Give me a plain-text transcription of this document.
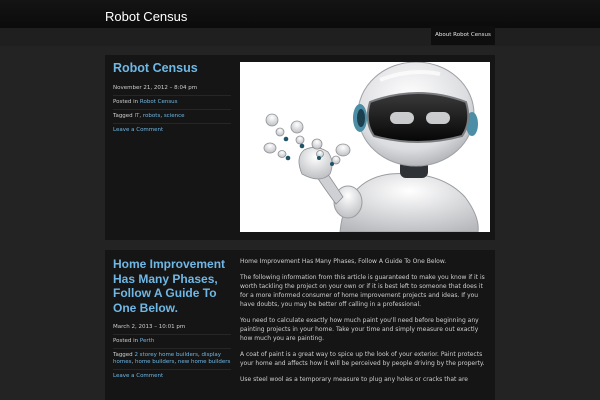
Robot Census
About Robot Census
Robot Census
November 21, 2012 – 8:04 pm
Posted in Robot Census
Tagged IT, robots, science
Leave a Comment
Home Improvement Has Many Phases, Follow A Guide To One Below.
March 2, 2013 – 10:01 pm
Posted in Perth
Tagged 2 storey home builders, display homes, home builders, new home builders
Leave a Comment

Home Improvement Has Many Phases, Follow A Guide To One Below.

The following information from this article is guaranteed to make you know if it is worth tackling the project on your own or if it is best left to someone that does it for a more informed consumer of home improvement projects and ideas. If you have doubts, you may be better off calling in a professional.

You need to calculate exactly how much paint you'll need before beginning any painting projects in your home. Take your time and simply measure out exactly how much you are painting.

A coat of paint is a great way to spice up the look of your exterior. Paint protects your home and affects how it will be perceived by people driving by the property.

Use steel wool as a temporary measure to plug any holes or cracks that are
